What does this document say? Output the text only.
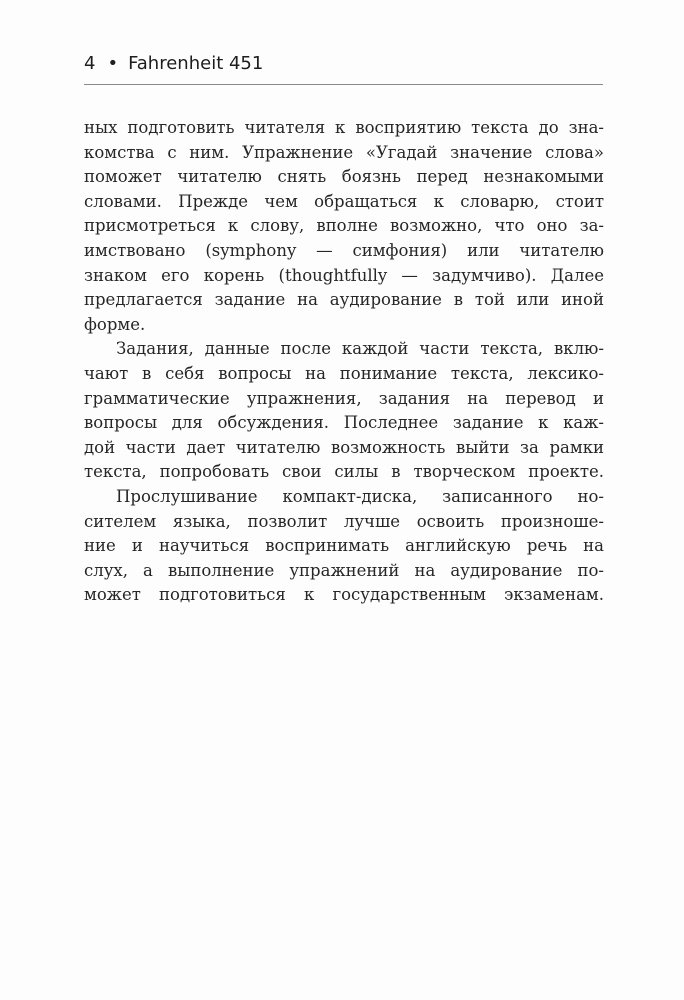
4 • Fahrenheit 451
ных подготовить читателя к восприятию текста до зна-
комства с ним. Упражнение «Угадай значение слова»
поможет читателю снять боязнь перед незнакомыми
словами. Прежде чем обращаться к словарю, стоит
присмотреться к слову, вполне возможно, что оно за-
имствовано (symphony — симфония) или читателю
знаком его корень (thoughtfully — задумчиво). Далее
предлагается задание на аудирование в той или иной
форме.
Задания, данные после каждой части текста, вклю-
чают в себя вопросы на понимание текста, лексико-
грамматические упражнения, задания на перевод и
вопросы для обсуждения. Последнее задание к каж-
дой части дает читателю возможность выйти за рамки
текста, попробовать свои силы в творческом проекте.
Прослушивание компакт-диска, записанного но-
сителем языка, позволит лучше освоить произноше-
ние и научиться воспринимать английскую речь на
слух, а выполнение упражнений на аудирование по-
может подготовиться к государственным экзаменам.
